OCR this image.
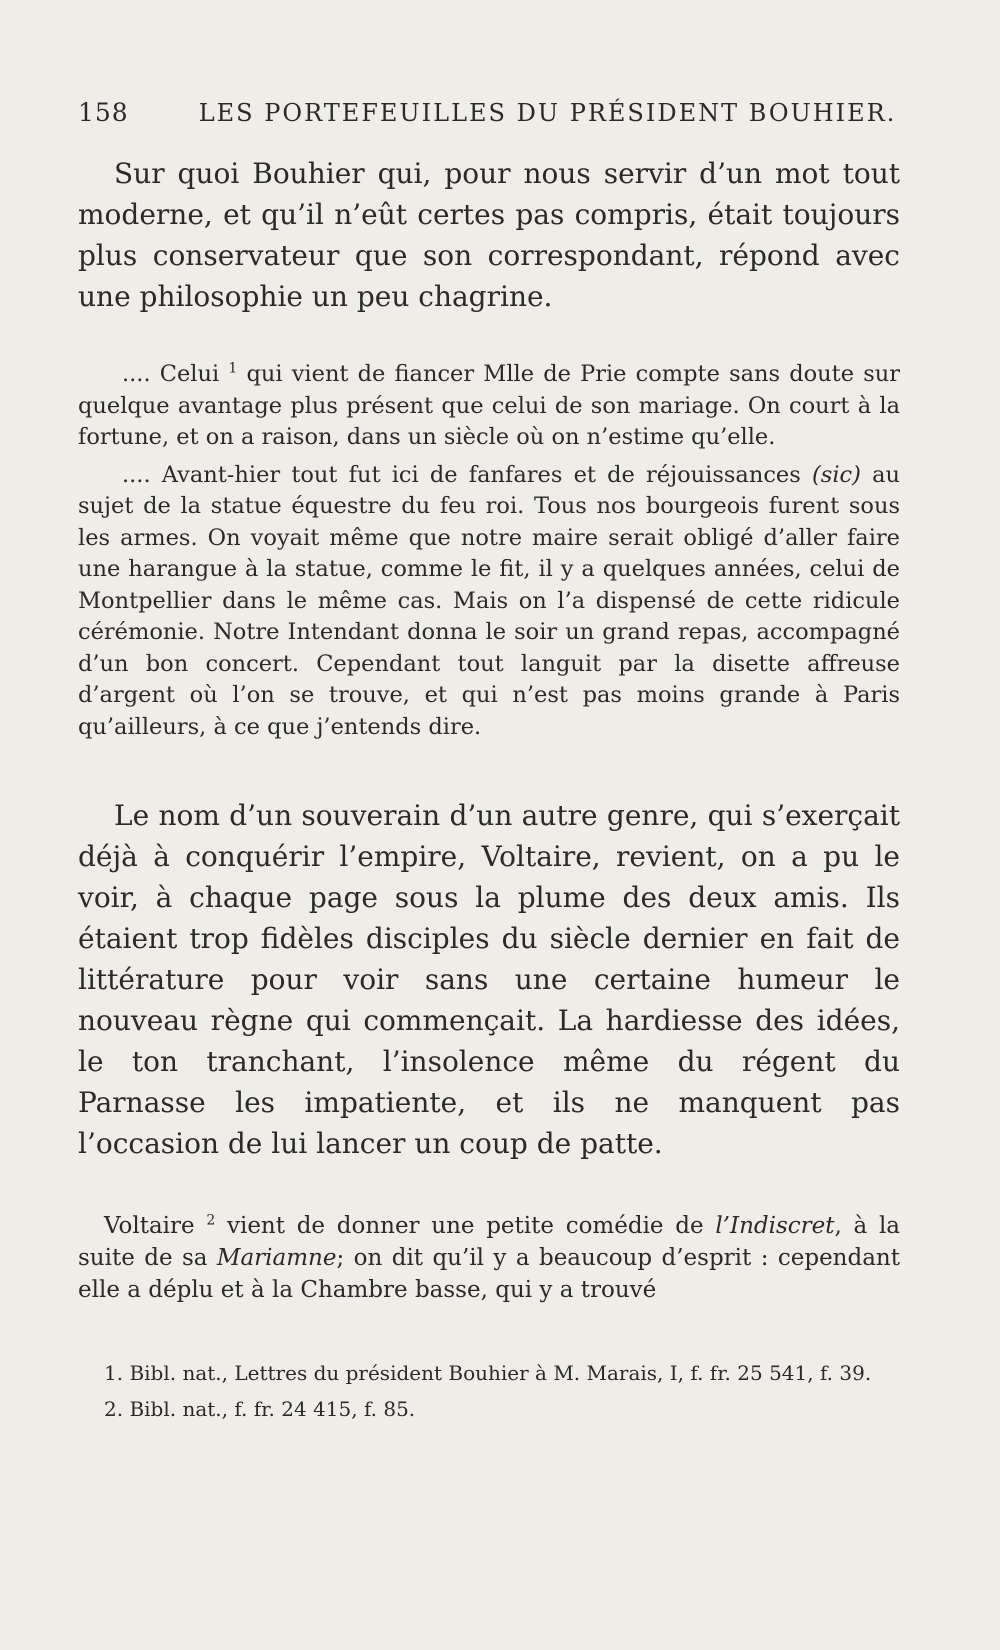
158	LES PORTEFEUILLES DU PRÉSIDENT BOUHIER.

Sur quoi Bouhier qui, pour nous servir d’un mot tout moderne, et qu’il n’eût certes pas compris, était toujours plus conservateur que son correspondant, répond avec une philosophie un peu chagrine.

.... Celui $^1$ qui vient de fiancer Mlle de Prie compte sans doute sur quelque avantage plus présent que celui de son mariage. On court à la fortune, et on a raison, dans un siècle où on n’estime qu’elle.

.... Avant-hier tout fut ici de fanfares et de réjouissances (sic) au sujet de la statue équestre du feu roi. Tous nos bourgeois furent sous les armes. On voyait même que notre maire serait obligé d’aller faire une harangue à la statue, comme le fit, il y a quelques années, celui de Montpellier dans le même cas. Mais on l’a dispensé de cette ridicule cérémonie. Notre Intendant donna le soir un grand repas, accompagné d’un bon concert. Cependant tout languit par la disette affreuse d’argent où l’on se trouve, et qui n’est pas moins grande à Paris qu’ailleurs, à ce que j’entends dire.

Le nom d’un souverain d’un autre genre, qui s’exerçait déjà à conquérir l’empire, Voltaire, revient, on a pu le voir, à chaque page sous la plume des deux amis. Ils étaient trop fidèles disciples du siècle dernier en fait de littérature pour voir sans une certaine humeur le nouveau règne qui commençait. La hardiesse des idées, le ton tranchant, l’insolence même du régent du Parnasse les impatiente, et ils ne manquent pas l’occasion de lui lancer un coup de patte.

Voltaire $^2$ vient de donner une petite comédie de l’Indiscret, à la suite de sa Mariamne; on dit qu’il y a beaucoup d’esprit : cependant elle a déplu et à la Chambre basse, qui y a trouvé

1. Bibl. nat., Lettres du président Bouhier à M. Marais, I, f. fr. 25 541, f. 39.

2. Bibl. nat., f. fr. 24 415, f. 85.
